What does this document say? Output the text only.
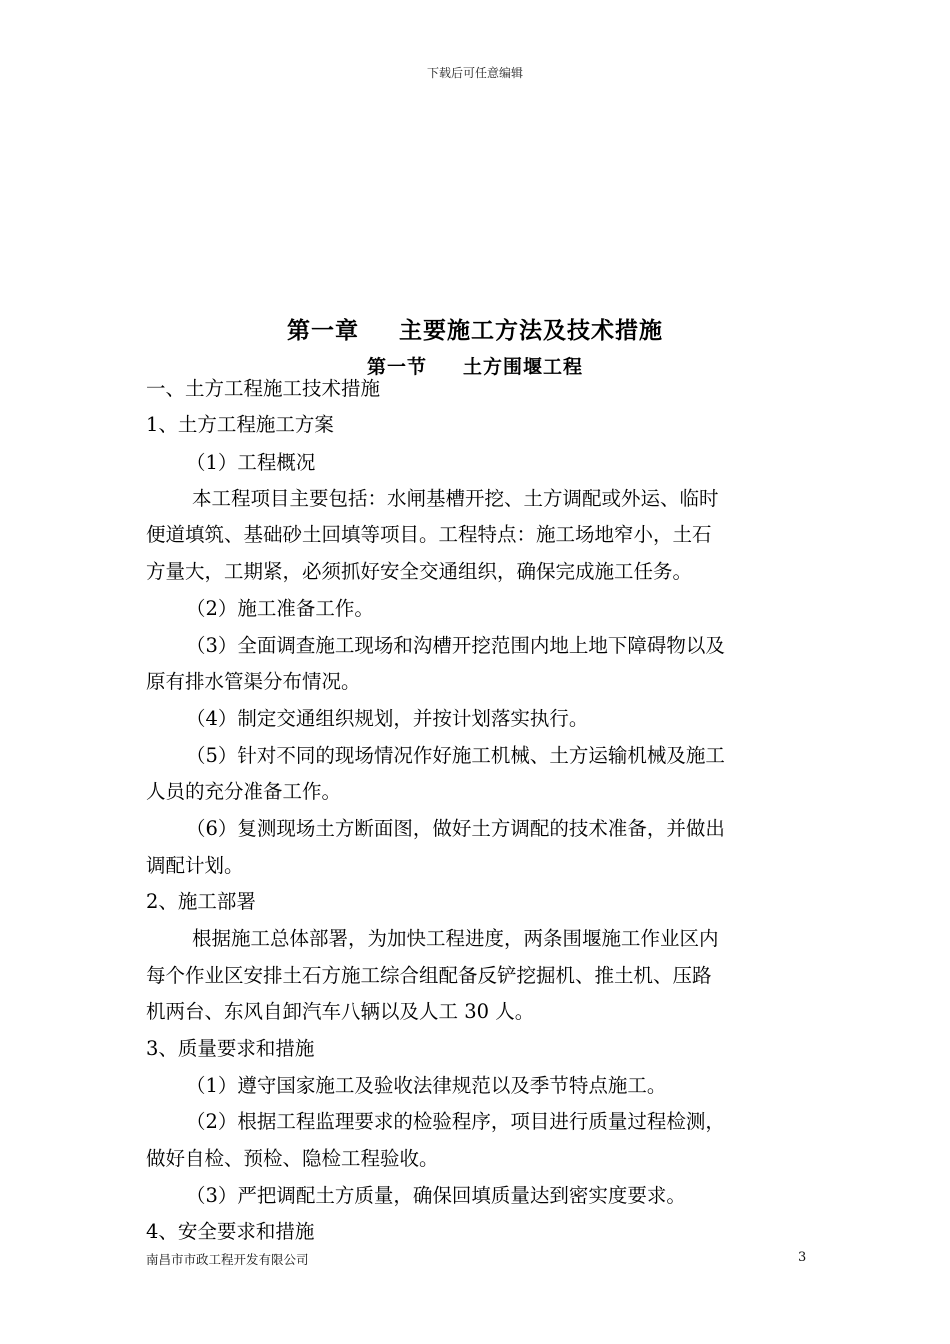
下载后可任意编辑
第一章 主要施工方法及技术措施
第一节 土方围堰工程
一、土方工程施工技术措施
1、土方工程施工方案
（1）工程概况
本工程项目主要包括：水闸基槽开挖、土方调配或外运、临时
便道填筑、基础砂土回填等项目。工程特点：施工场地窄小，土石
方量大，工期紧，必须抓好安全交通组织，确保完成施工任务。
（2）施工准备工作。
（3）全面调查施工现场和沟槽开挖范围内地上地下障碍物以及
原有排水管渠分布情况。
（4）制定交通组织规划，并按计划落实执行。
（5）针对不同的现场情况作好施工机械、土方运输机械及施工
人员的充分准备工作。
（6）复测现场土方断面图，做好土方调配的技术准备，并做出
调配计划。
2、施工部署
根据施工总体部署，为加快工程进度，两条围堰施工作业区内
每个作业区安排土石方施工综合组配备反铲挖掘机、推土机、压路
机两台、东风自卸汽车八辆以及人工 30 人。
3、质量要求和措施
（1）遵守国家施工及验收法律规范以及季节特点施工。
（2）根据工程监理要求的检验程序，项目进行质量过程检测，
做好自检、预检、隐检工程验收。
（3）严把调配土方质量，确保回填质量达到密实度要求。
4、安全要求和措施
南昌市市政工程开发有限公司	3
